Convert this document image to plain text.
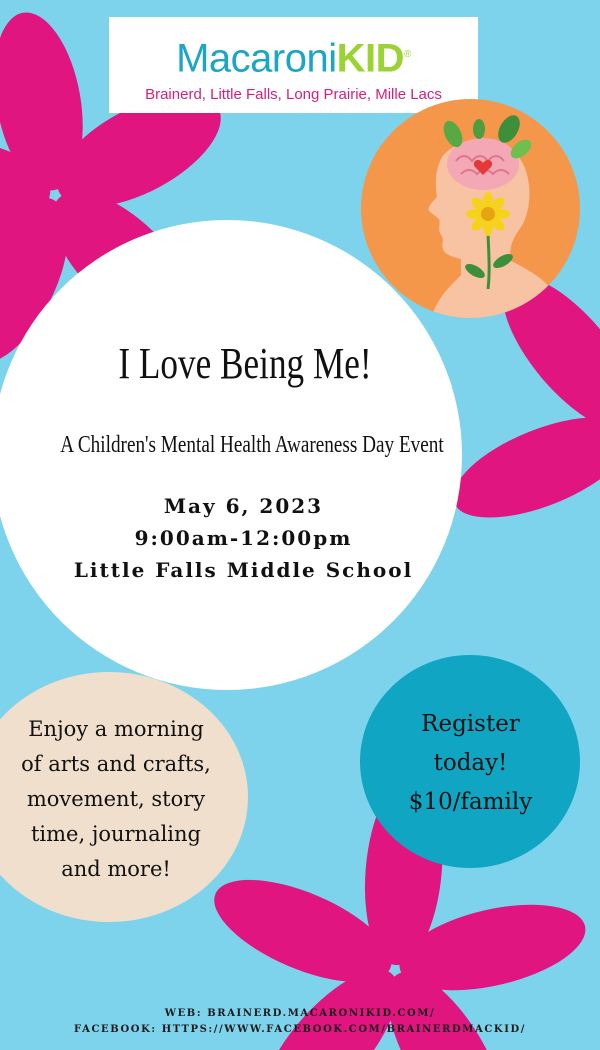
MacaroniKID®
Brainerd, Little Falls, Long Prairie, Mille Lacs
I Love Being Me!
A Children's Mental Health Awareness Day Event
May 6, 2023
9:00am-12:00pm
Little Falls Middle School
Enjoy a morning
of arts and crafts,
movement, story
time, journaling
and more!
Register
today!
$10/family
WEB: BRAINERD.MACARONIKID.COM/
FACEBOOK: HTTPS://WWW.FACEBOOK.COM/BRAINERDMACKID/
